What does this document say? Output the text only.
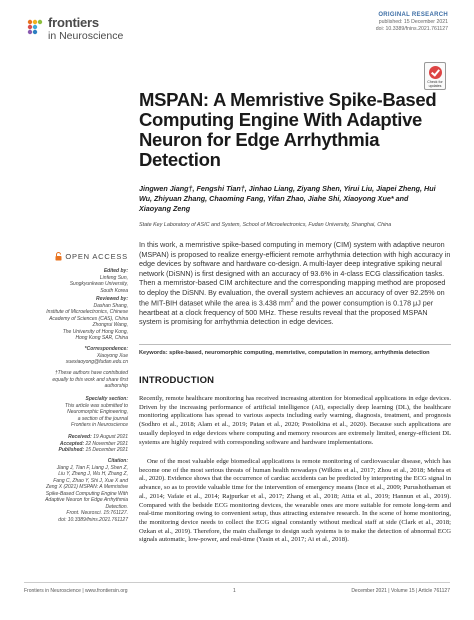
frontiers
in Neuroscience
ORIGINAL RESEARCH
published: 15 December 2021
doi: 10.3389/fnins.2021.761127
Check for updates
MSPAN: A Memristive Spike-Based Computing Engine With Adaptive Neuron for Edge Arrhythmia Detection
Jingwen Jiang†, Fengshi Tian†, Jinhao Liang, Ziyang Shen, Yirui Liu, Jiapei Zheng, Hui Wu, Zhiyuan Zhang, Chaoming Fang, Yifan Zhao, Jiahe Shi, Xiaoyong Xue* and Xiaoyang Zeng
State Key Laboratory of ASIC and System, School of Microelectronics, Fudan University, Shanghai, China
OPEN ACCESS
Edited by:
Linfeng Sun,
Sungkyunkwan University,
South Korea
Reviewed by:
Dashan Shang,
Institute of Microelectronics, Chinese
Academy of Sciences (CAS), China
Zhongrui Wang,
The University of Hong Kong,
Hong Kong SAR, China
*Correspondence:
Xiaoyong Xue
xuexiaoyong@fudan.edu.cn
†These authors have contributed
equally to this work and share first
authorship
Specialty section:
This article was submitted to
Neuromorphic Engineering,
a section of the journal
Frontiers in Neuroscience
Received: 19 August 2021
Accepted: 22 November 2021
Published: 15 December 2021
Citation:
Jiang J, Tian F, Liang J, Shen Z,
Liu Y, Zheng J, Wu H, Zhang Z,
Fang C, Zhao Y, Shi J, Xue X and
Zeng X (2021) MSPAN: A Memristive
Spike-Based Computing Engine With
Adaptive Neuron for Edge Arrhythmia
Detection.
Front. Neurosci. 15:761127.
doi: 10.3389/fnins.2021.761127
In this work, a memristive spike-based computing in memory (CIM) system with adaptive neuron (MSPAN) is proposed to realize energy-efficient remote arrhythmia detection with high accuracy in edge devices by software and hardware co-design. A multi-layer deep integrative spiking neural network (DiSNN) is first designed with an accuracy of 93.6% in 4-class ECG classification tasks. Then a memristor-based CIM architecture and the corresponding mapping method are proposed to deploy the DiSNN. By evaluation, the overall system achieves an accuracy of over 92.25% on the MIT-BIH dataset while the area is 3.438 $mm^2$ and the power consumption is 0.178 μJ per heartbeat at a clock frequency of 500 MHz. These results reveal that the proposed MSPAN system is promising for arrhythmia detection in edge devices.
Keywords: spike-based, neuromorphic computing, memristive, computation in memory, arrhythmia detection
INTRODUCTION

Recently, remote healthcare monitoring has received increasing attention for biomedical applications in edge devices. Driven by the increasing performance of artificial intelligence (AI), especially deep learning (DL), the healthcare monitoring applications has spread to various aspects including early warning, diagnosis, treatment, and prognosis (Sodhro et al., 2018; Alam et al., 2019; Patan et al., 2020; Postolkina et al., 2020). Because such applications are usually deployed in edge devices where computing and memory resources are extremely limited, energy-efficient DL systems are highly required with corresponding software and hardware implementations.

One of the most valuable edge biomedical applications is remote monitoring of cardiovascular disease, which has become one of the most serious threats of human health nowadays (Wilkins et al., 2017; Zhou et al., 2018; Mehra et al., 2020). Evidence shows that the occurrence of cardiac accidents can be predicted by interpreting the ECG signal in advance, so as to provide valuable time for the intervention of emergency means (Ince et al., 2009; Purushothaman et al., 2014; Vafaie et al., 2014; Rajpurkar et al., 2017; Zhang et al., 2018; Attia et al., 2019; Hannun et al., 2019). Compared with the bedside ECG monitoring devices, the wearable ones are more suitable for remote long-term and real-time monitoring owing to convenient setup, thus attracting extensive research. In the scene of home monitoring, the monitoring device needs to collect the ECG signal constantly without medical staff at side (Clark et al., 2018; Ozkan et al., 2019). Therefore, the main challenge to design such systems is to make the detection of abnormal ECG signals automatic, low-power, and real-time (Yasin et al., 2017; Ai et al., 2018).

Frontiers in Neuroscience | www.frontiersin.org	1	December 2021 | Volume 15 | Article 761127
